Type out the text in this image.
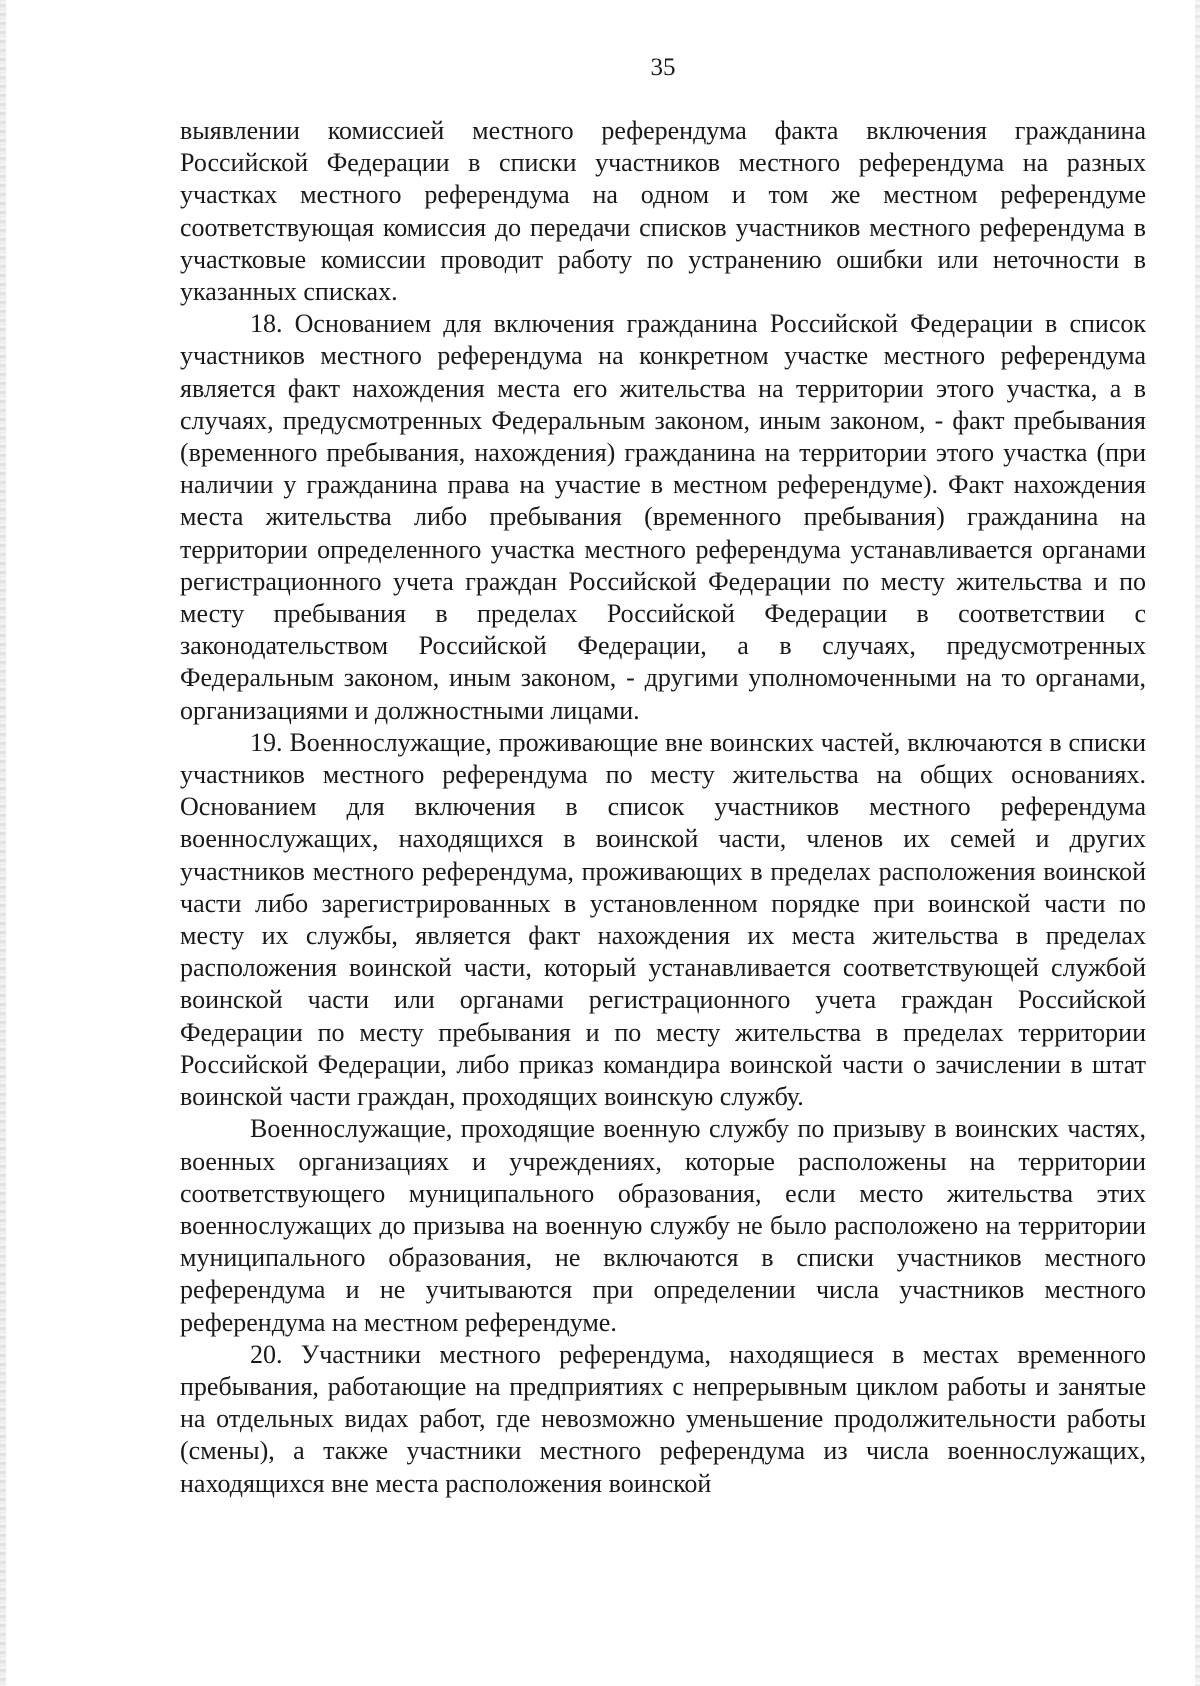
35

выявлении комиссией местного референдума факта включения гражданина Российской Федерации в списки участников местного референдума на разных участках местного референдума на одном и том же местном референдуме соответствующая комиссия до передачи списков участников местного референдума в участковые комиссии проводит работу по устранению ошибки или неточности в указанных списках.

18. Основанием для включения гражданина Российской Федерации в список участников местного референдума на конкретном участке местного референдума является факт нахождения места его жительства на территории этого участка, а в случаях, предусмотренных Федеральным законом, иным законом, - факт пребывания (временного пребывания, нахождения) гражданина на территории этого участка (при наличии у гражданина права на участие в местном референдуме). Факт нахождения места жительства либо пребывания (временного пребывания) гражданина на территории определенного участка местного референдума устанавливается органами регистрационного учета граждан Российской Федерации по месту жительства и по месту пребывания в пределах Российской Федерации в соответствии с законодательством Российской Федерации, а в случаях, предусмотренных Федеральным законом, иным законом, - другими уполномоченными на то органами, организациями и должностными лицами.

19. Военнослужащие, проживающие вне воинских частей, включаются в списки участников местного референдума по месту жительства на общих основаниях. Основанием для включения в список участников местного референдума военнослужащих, находящихся в воинской части, членов их семей и других участников местного референдума, проживающих в пределах расположения воинской части либо зарегистрированных в установленном порядке при воинской части по месту их службы, является факт нахождения их места жительства в пределах расположения воинской части, который устанавливается соответствующей службой воинской части или органами регистрационного учета граждан Российской Федерации по месту пребывания и по месту жительства в пределах территории Российской Федерации, либо приказ командира воинской части о зачислении в штат воинской части граждан, проходящих воинскую службу.

Военнослужащие, проходящие военную службу по призыву в воинских частях, военных организациях и учреждениях, которые расположены на территории соответствующего муниципального образования, если место жительства этих военнослужащих до призыва на военную службу не было расположено на территории муниципального образования, не включаются в списки участников местного референдума и не учитываются при определении числа участников местного референдума на местном референдуме.

20. Участники местного референдума, находящиеся в местах временного пребывания, работающие на предприятиях с непрерывным циклом работы и занятые на отдельных видах работ, где невозможно уменьшение продолжительности работы (смены), а также участники местного референдума из числа военнослужащих, находящихся вне места расположения воинской
